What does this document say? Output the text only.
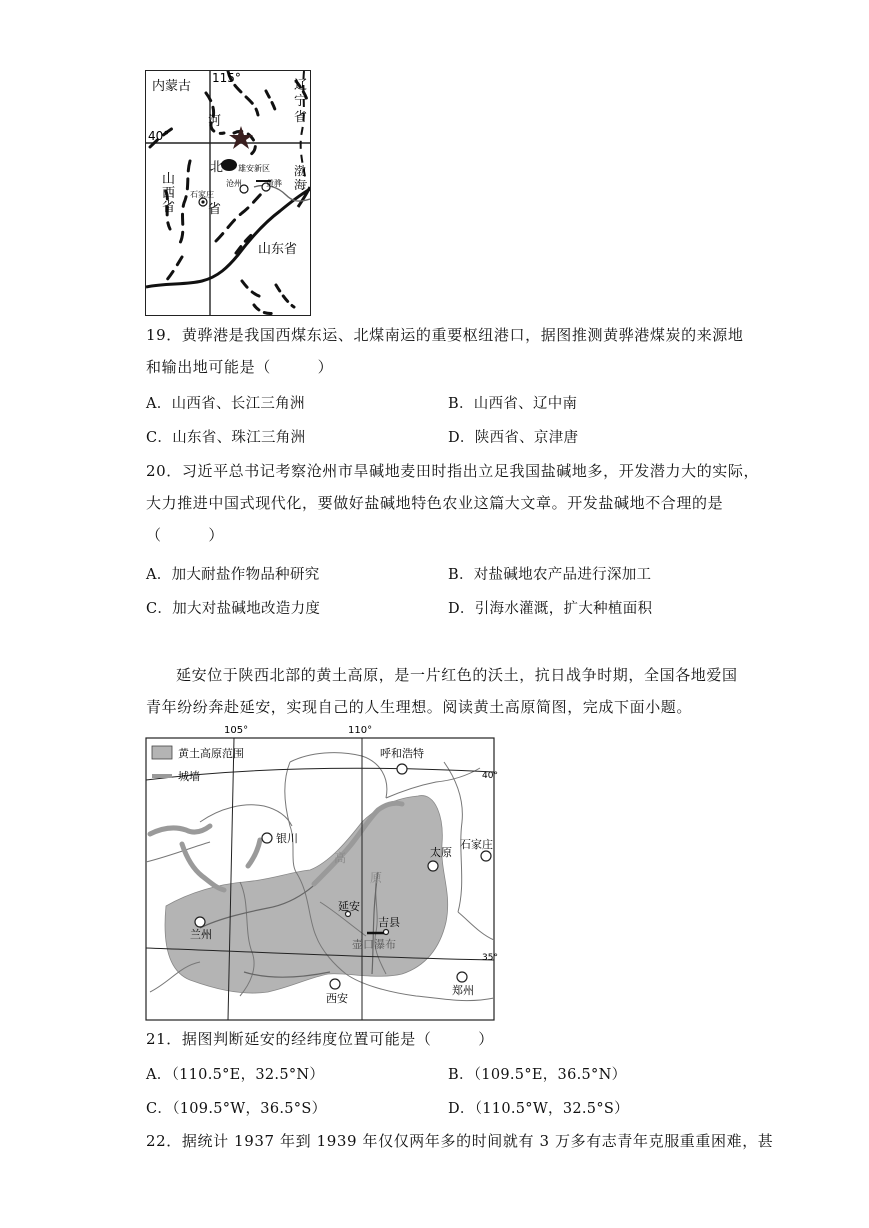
内蒙古
115°	辽
宁
省
40°
河
北 雄安新区
沧州	黄骅
渤
海
山
西
省
石家庄
省
山东省
19．黄骅港是我国西煤东运、北煤南运的重要枢纽港口，据图推测黄骅港煤炭的来源地
和输出地可能是（　　　）
A．山西省、长江三角洲	B．山西省、辽中南
C．山东省、珠江三角洲	D．陕西省、京津唐
20．习近平总书记考察沧州市旱碱地麦田时指出立足我国盐碱地多，开发潜力大的实际，
大力推进中国式现代化，要做好盐碱地特色农业这篇大文章。开发盐碱地不合理的是
（　　　）
A．加大耐盐作物品种研究	B．对盐碱地农产品进行深加工
C．加大对盐碱地改造力度	D．引海水灌溉，扩大种植面积
延安位于陕西北部的黄土高原，是一片红色的沃土，抗日战争时期，全国各地爱国
青年纷纷奔赴延安，实现自己的人生理想。阅读黄土高原简图，完成下面小题。
黄土高原范围
城墙
105°	110°
40°
35°
呼和浩特
银川
太原
石家庄
延安
吉县
兰州
壶口瀑布
西安
郑州
高
原
21．据图判断延安的经纬度位置可能是（　　　）
A．（110.5°E，32.5°N）	B．（109.5°E，36.5°N）
C．（109.5°W，36.5°S）	D．（110.5°W，32.5°S）
22．据统计 1937 年到 1939 年仅仅两年多的时间就有 3 万多有志青年克服重重困难，甚
